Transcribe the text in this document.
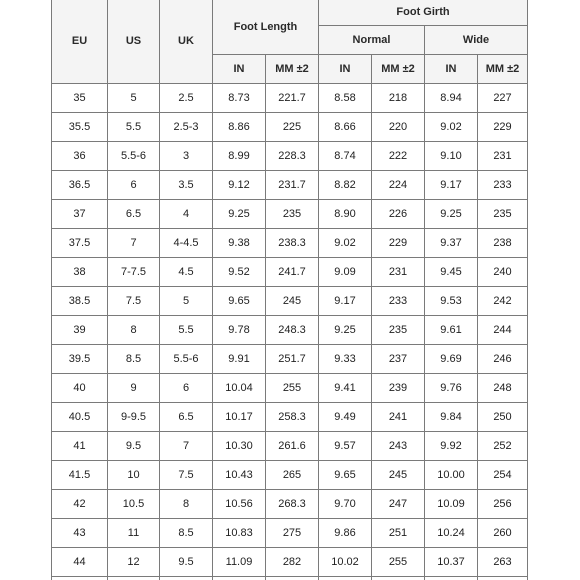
EU	US	UK	Foot Length		Foot Girth			
					Normal		Wide	
			IN	MM ±2	IN	MM ±2	IN	MM ±2
35	5	2.5	8.73	221.7	8.58	218	8.94	227
35.5	5.5	2.5-3	8.86	225	8.66	220	9.02	229
36	5.5-6	3	8.99	228.3	8.74	222	9.10	231
36.5	6	3.5	9.12	231.7	8.82	224	9.17	233
37	6.5	4	9.25	235	8.90	226	9.25	235
37.5	7	4-4.5	9.38	238.3	9.02	229	9.37	238
38	7-7.5	4.5	9.52	241.7	9.09	231	9.45	240
38.5	7.5	5	9.65	245	9.17	233	9.53	242
39	8	5.5	9.78	248.3	9.25	235	9.61	244
39.5	8.5	5.5-6	9.91	251.7	9.33	237	9.69	246
40	9	6	10.04	255	9.41	239	9.76	248
40.5	9-9.5	6.5	10.17	258.3	9.49	241	9.84	250
41	9.5	7	10.30	261.6	9.57	243	9.92	252
41.5	10	7.5	10.43	265	9.65	245	10.00	254
42	10.5	8	10.56	268.3	9.70	247	10.09	256
43	11	8.5	10.83	275	9.86	251	10.24	260
44	12	9.5	11.09	282	10.02	255	10.37	263
